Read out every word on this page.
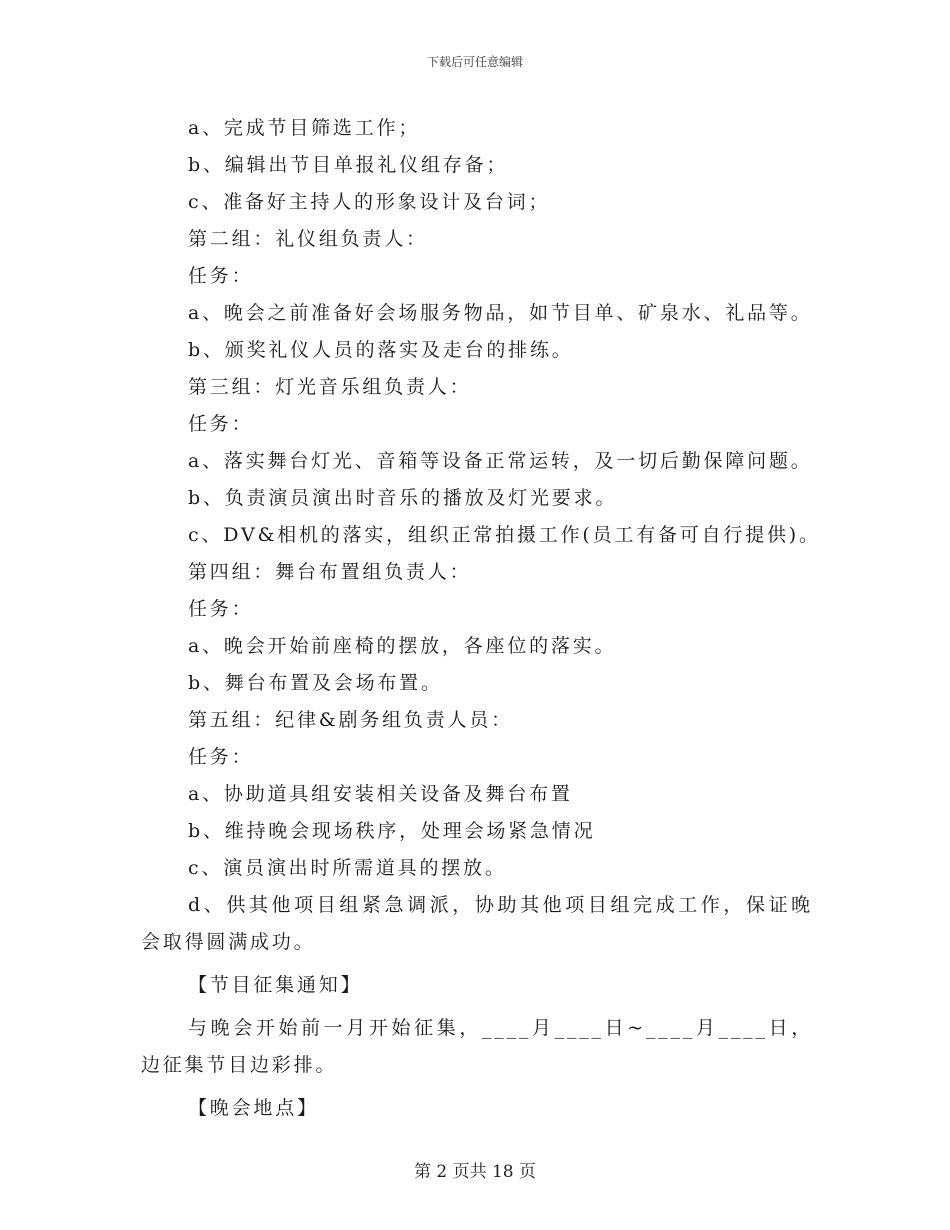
下载后可任意编辑
a、完成节目筛选工作；
b、编辑出节目单报礼仪组存备；
c、准备好主持人的形象设计及台词；
第二组：礼仪组负责人：
任务：
a、晚会之前准备好会场服务物品，如节目单、矿泉水、礼品等。
b、颁奖礼仪人员的落实及走台的排练。
第三组：灯光音乐组负责人：
任务：
a、落实舞台灯光、音箱等设备正常运转，及一切后勤保障问题。
b、负责演员演出时音乐的播放及灯光要求。
c、DV&相机的落实，组织正常拍摄工作(员工有备可自行提供)。
第四组：舞台布置组负责人：
任务：
a、晚会开始前座椅的摆放，各座位的落实。
b、舞台布置及会场布置。
第五组：纪律&剧务组负责人员：
任务：
a、协助道具组安装相关设备及舞台布置
b、维持晚会现场秩序，处理会场紧急情况
c、演员演出时所需道具的摆放。
d、供其他项目组紧急调派，协助其他项目组完成工作，保证晚会取得圆满成功。
【节目征集通知】
与晚会开始前一月开始征集，____月____日~____月____日，边征集节目边彩排。
【晚会地点】
第 2 页共 18 页
